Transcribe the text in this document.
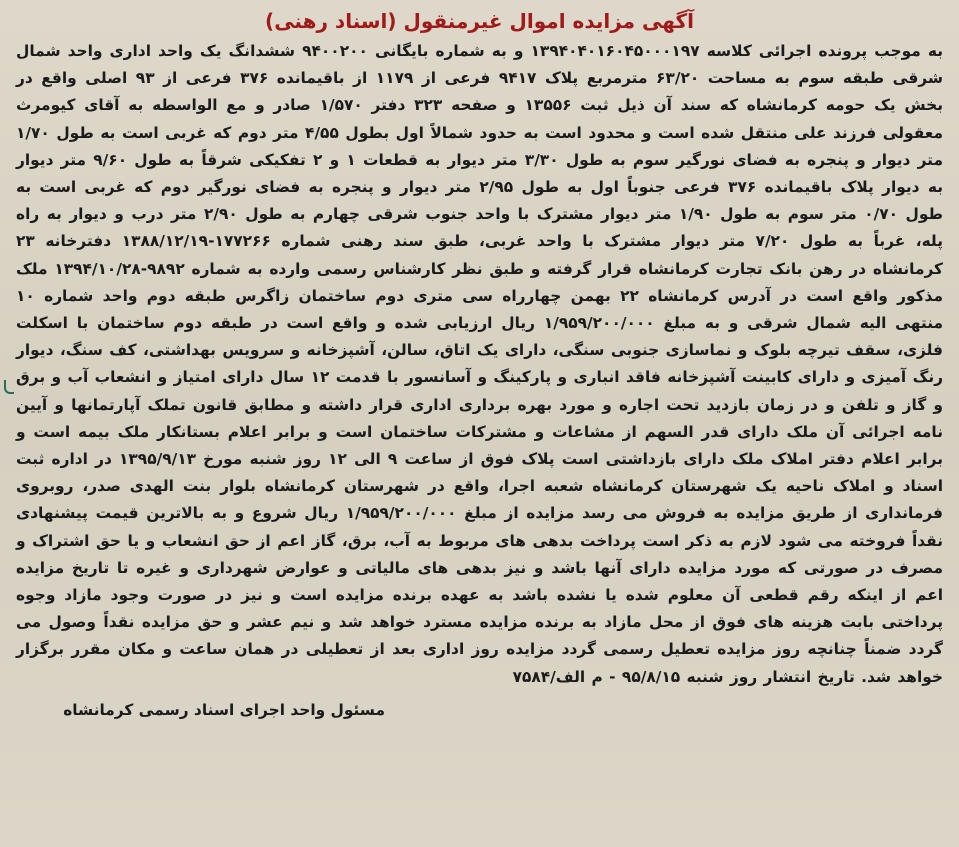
آگهی مزایده اموال غیرمنقول (اسناد رهنی)

به موجب پرونده اجرائی کلاسه ۱۳۹۴۰۴۰۱۶۰۴۵۰۰۰۱۹۷ و به شماره بایگانی ۹۴۰۰۲۰۰ ششدانگ یک واحد اداری واحد شمال شرقی طبقه سوم به مساحت ۶۳/۲۰ مترمربع پلاک ۹۴۱۷ فرعی از ۱۱۷۹ از باقیمانده ۳۷۶ فرعی از ۹۳ اصلی واقع در بخش یک حومه کرمانشاه که سند آن ذیل ثبت ۱۳۵۵۶ و صفحه ۳۲۳ دفتر ۱/۵۷۰ صادر و مع الواسطه به آقای کیومرث معقولی فرزند علی منتقل شده است و محدود است به حدود شمالاً اول بطول ۴/۵۵ متر دوم که غربی است به طول ۱/۷۰ متر دیوار و پنجره به فضای نورگیر سوم به طول ۳/۳۰ متر دیوار به قطعات ۱ و ۲ تفکیکی شرقاً به طول ۹/۶۰ متر دیوار به دیوار پلاک باقیمانده ۳۷۶ فرعی جنوباً اول به طول ۲/۹۵ متر دیوار و پنجره به فضای نورگیر دوم که غربی است به طول ۰/۷۰ متر سوم به طول ۱/۹۰ متر دیوار مشترک با واحد جنوب شرقی چهارم به طول ۲/۹۰ متر درب و دیوار به راه پله، غرباً به طول ۷/۲۰ متر دیوار مشترک با واحد غربی، طبق سند رهنی شماره ۱۷۷۲۶۶-۱۳۸۸/۱۲/۱۹ دفترخانه ۲۳ کرمانشاه در رهن بانک تجارت کرمانشاه قرار گرفته و طبق نظر کارشناس رسمی وارده به شماره ۹۸۹۲-۱۳۹۴/۱۰/۲۸ ملک مذکور واقع است در آدرس کرمانشاه ۲۲ بهمن چهارراه سی متری دوم ساختمان زاگرس طبقه دوم واحد شماره ۱۰ منتهی الیه شمال شرقی و به مبلغ ۱/۹۵۹/۲۰۰/۰۰۰ ریال ارزیابی شده و واقع است در طبقه دوم ساختمان با اسکلت فلزی، سقف تیرچه بلوک و نماسازی جنوبی سنگی، دارای یک اتاق، سالن، آشپزخانه و سرویس بهداشتی، کف سنگ، دیوار رنگ آمیزی و دارای کابینت آشپزخانه فاقد انباری و پارکینگ و آسانسور با قدمت ۱۲ سال دارای امتیاز و انشعاب آب و برق و گاز و تلفن و در زمان بازدید تحت اجاره و مورد بهره برداری اداری قرار داشته و مطابق قانون تملک آپارتمانها و آیین نامه اجرائی آن ملک دارای قدر السهم از مشاعات و مشترکات ساختمان است و برابر اعلام بستانکار ملک بیمه است و برابر اعلام دفتر املاک ملک دارای بازداشتی است پلاک فوق از ساعت ۹ الی ۱۲ روز شنبه مورخ ۱۳۹۵/۹/۱۳ در اداره ثبت اسناد و املاک ناحیه یک شهرستان کرمانشاه شعبه اجرا، واقع در شهرستان کرمانشاه بلوار بنت الهدی صدر، روبروی فرمانداری از طریق مزایده به فروش می رسد مزایده از مبلغ ۱/۹۵۹/۲۰۰/۰۰۰ ریال شروع و به بالاترین قیمت پیشنهادی نقداً فروخته می شود لازم به ذکر است پرداخت بدهی های مربوط به آب، برق، گاز اعم از حق انشعاب و یا حق اشتراک و مصرف در صورتی که مورد مزایده دارای آنها باشد و نیز بدهی های مالیاتی و عوارض شهرداری و غیره تا تاریخ مزایده اعم از اینکه رقم قطعی آن معلوم شده یا نشده باشد به عهده برنده مزایده است و نیز در صورت وجود مازاد وجوه پرداختی بابت هزینه های فوق از محل مازاد به برنده مزایده مسترد خواهد شد و نیم عشر و حق مزایده نقداً وصول می گردد ضمناً چنانچه روز مزایده تعطیل رسمی گردد مزایده روز اداری بعد از تعطیلی در همان ساعت و مکان مقرر برگزار خواهد شد. تاریخ انتشار روز شنبه ۹۵/۸/۱۵ - م الف/۷۵۸۴

مسئول واحد اجرای اسناد رسمی کرمانشاه
